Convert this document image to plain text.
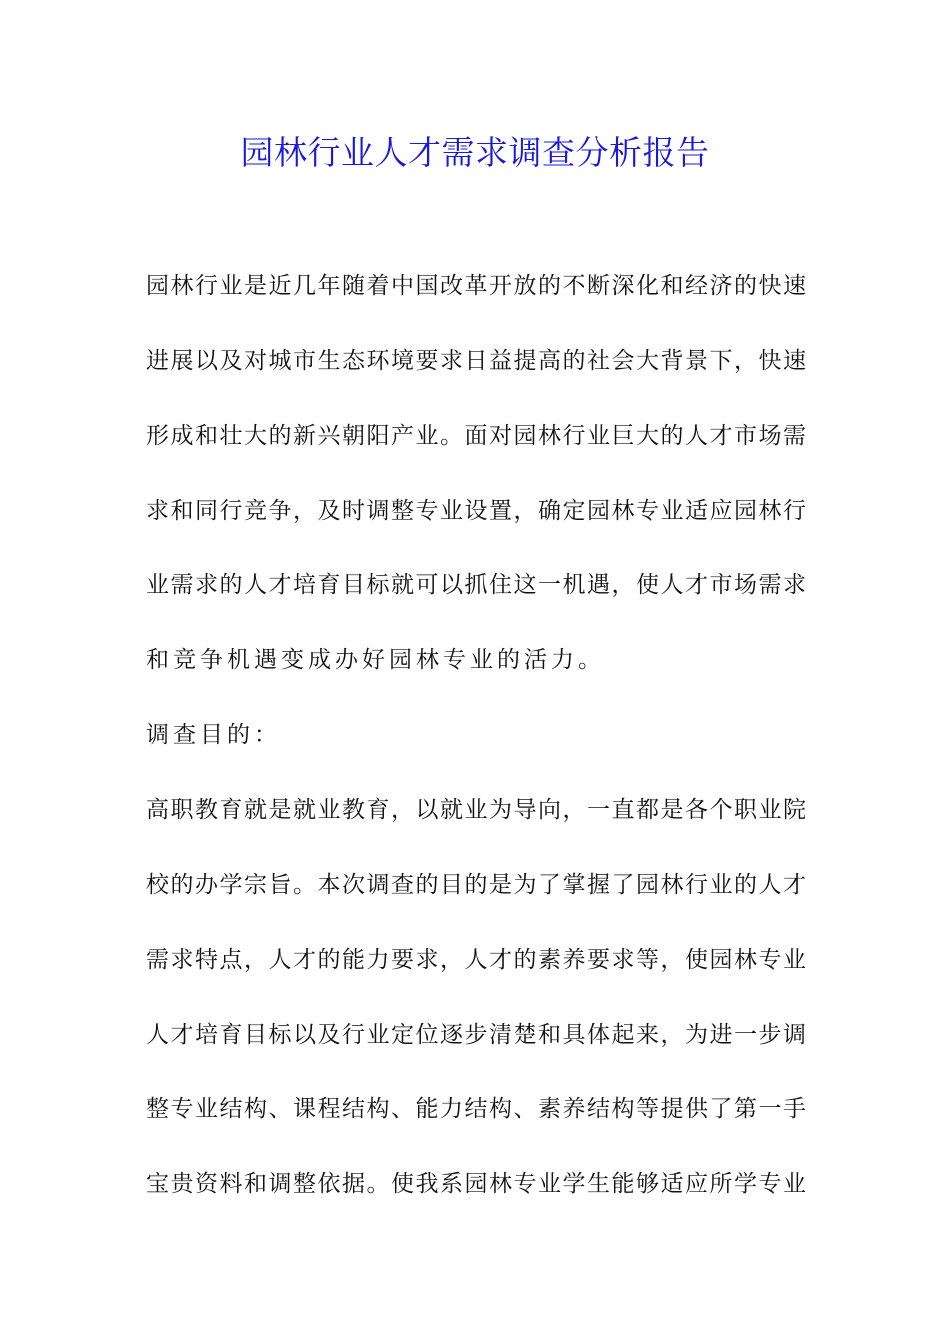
园林行业人才需求调查分析报告
园林行业是近几年随着中国改革开放的不断深化和经济的快速
进展以及对城市生态环境要求日益提高的社会大背景下，快速
形成和壮大的新兴朝阳产业。面对园林行业巨大的人才市场需
求和同行竞争，及时调整专业设置，确定园林专业适应园林行
业需求的人才培育目标就可以抓住这一机遇，使人才市场需求
和竞争机遇变成办好园林专业的活力。
调查目的：
高职教育就是就业教育，以就业为导向，一直都是各个职业院
校的办学宗旨。本次调查的目的是为了掌握了园林行业的人才
需求特点，人才的能力要求，人才的素养要求等，使园林专业
人才培育目标以及行业定位逐步清楚和具体起来，为进一步调
整专业结构、课程结构、能力结构、素养结构等提供了第一手
宝贵资料和调整依据。使我系园林专业学生能够适应所学专业
